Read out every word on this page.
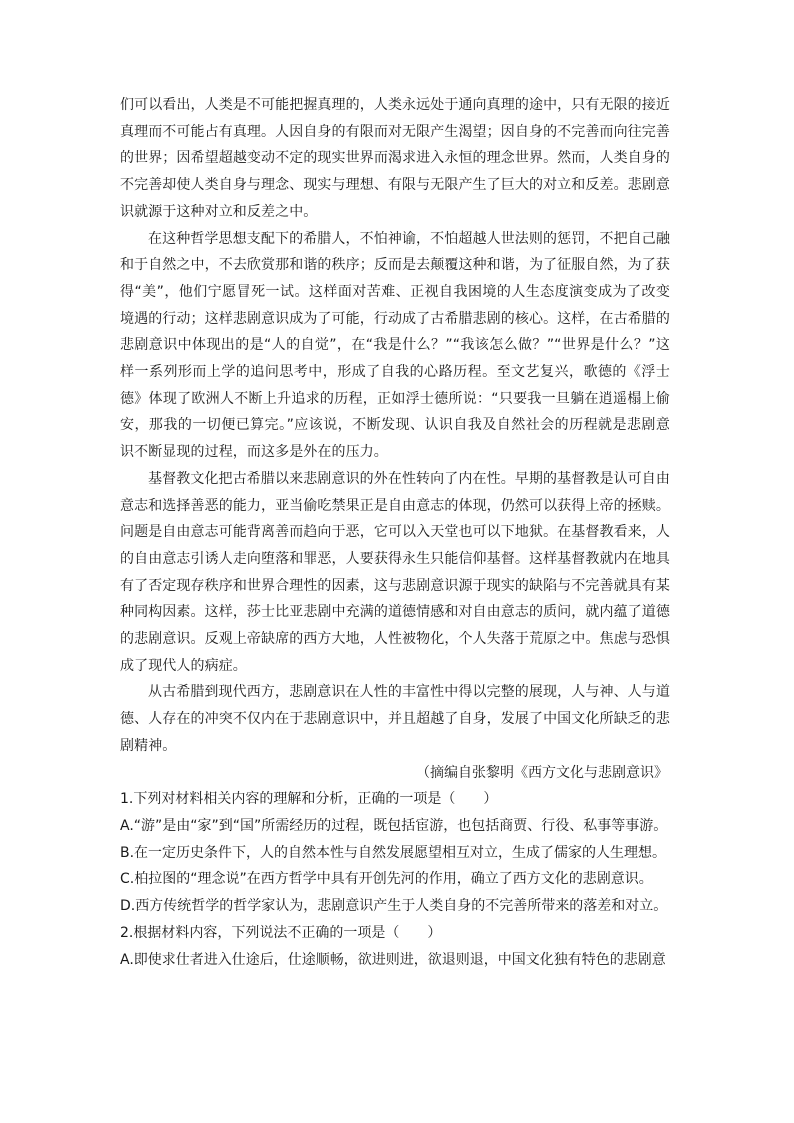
们可以看出，人类是不可能把握真理的，人类永远处于通向真理的途中，只有无限的接近真理而不可能占有真理。人因自身的有限而对无限产生渴望；因自身的不完善而向往完善的世界；因希望超越变动不定的现实世界而渴求进入永恒的理念世界。然而，人类自身的不完善却使人类自身与理念、现实与理想、有限与无限产生了巨大的对立和反差。悲剧意识就源于这种对立和反差之中。

在这种哲学思想支配下的希腊人，不怕神谕，不怕超越人世法则的惩罚，不把自己融和于自然之中，不去欣赏那和谐的秩序；反而是去颠覆这种和谐，为了征服自然，为了获得“美”，他们宁愿冒死一试。这样面对苦难、正视自我困境的人生态度演变成为了改变境遇的行动；这样悲剧意识成为了可能，行动成了古希腊悲剧的核心。这样，在古希腊的悲剧意识中体现出的是“人的自觉”，在“我是什么？”“我该怎么做？”“世界是什么？”这样一系列形而上学的追问思考中，形成了自我的心路历程。至文艺复兴，歌德的《浮士德》体现了欧洲人不断上升追求的历程，正如浮士德所说：“只要我一旦躺在逍遥榻上偷安，那我的一切便已算完。”应该说，不断发现、认识自我及自然社会的历程就是悲剧意识不断显现的过程，而这多是外在的压力。

基督教文化把古希腊以来悲剧意识的外在性转向了内在性。早期的基督教是认可自由意志和选择善恶的能力，亚当偷吃禁果正是自由意志的体现，仍然可以获得上帝的拯赎。问题是自由意志可能背离善而趋向于恶，它可以入天堂也可以下地狱。在基督教看来，人的自由意志引诱人走向堕落和罪恶，人要获得永生只能信仰基督。这样基督教就内在地具有了否定现存秩序和世界合理性的因素，这与悲剧意识源于现实的缺陷与不完善就具有某种同构因素。这样，莎士比亚悲剧中充满的道德情感和对自由意志的质问，就内蕴了道德的悲剧意识。反观上帝缺席的西方大地，人性被物化，个人失落于荒原之中。焦虑与恐惧成了现代人的病症。

从古希腊到现代西方，悲剧意识在人性的丰富性中得以完整的展现，人与神、人与道德、人存在的冲突不仅内在于悲剧意识中，并且超越了自身，发展了中国文化所缺乏的悲剧精神。

（摘编自张黎明《西方文化与悲剧意识》

1.下列对材料相关内容的理解和分析，正确的一项是（　　）

A.“游”是由“家”到“国”所需经历的过程，既包括宦游，也包括商贾、行役、私事等事游。

B.在一定历史条件下，人的自然本性与自然发展愿望相互对立，生成了儒家的人生理想。

C.柏拉图的“理念说”在西方哲学中具有开创先河的作用，确立了西方文化的悲剧意识。

D.西方传统哲学的哲学家认为，悲剧意识产生于人类自身的不完善所带来的落差和对立。

2.根据材料内容，下列说法不正确的一项是（　　）

A.即使求仕者进入仕途后，仕途顺畅，欲进则进，欲退则退，中国文化独有特色的悲剧意
